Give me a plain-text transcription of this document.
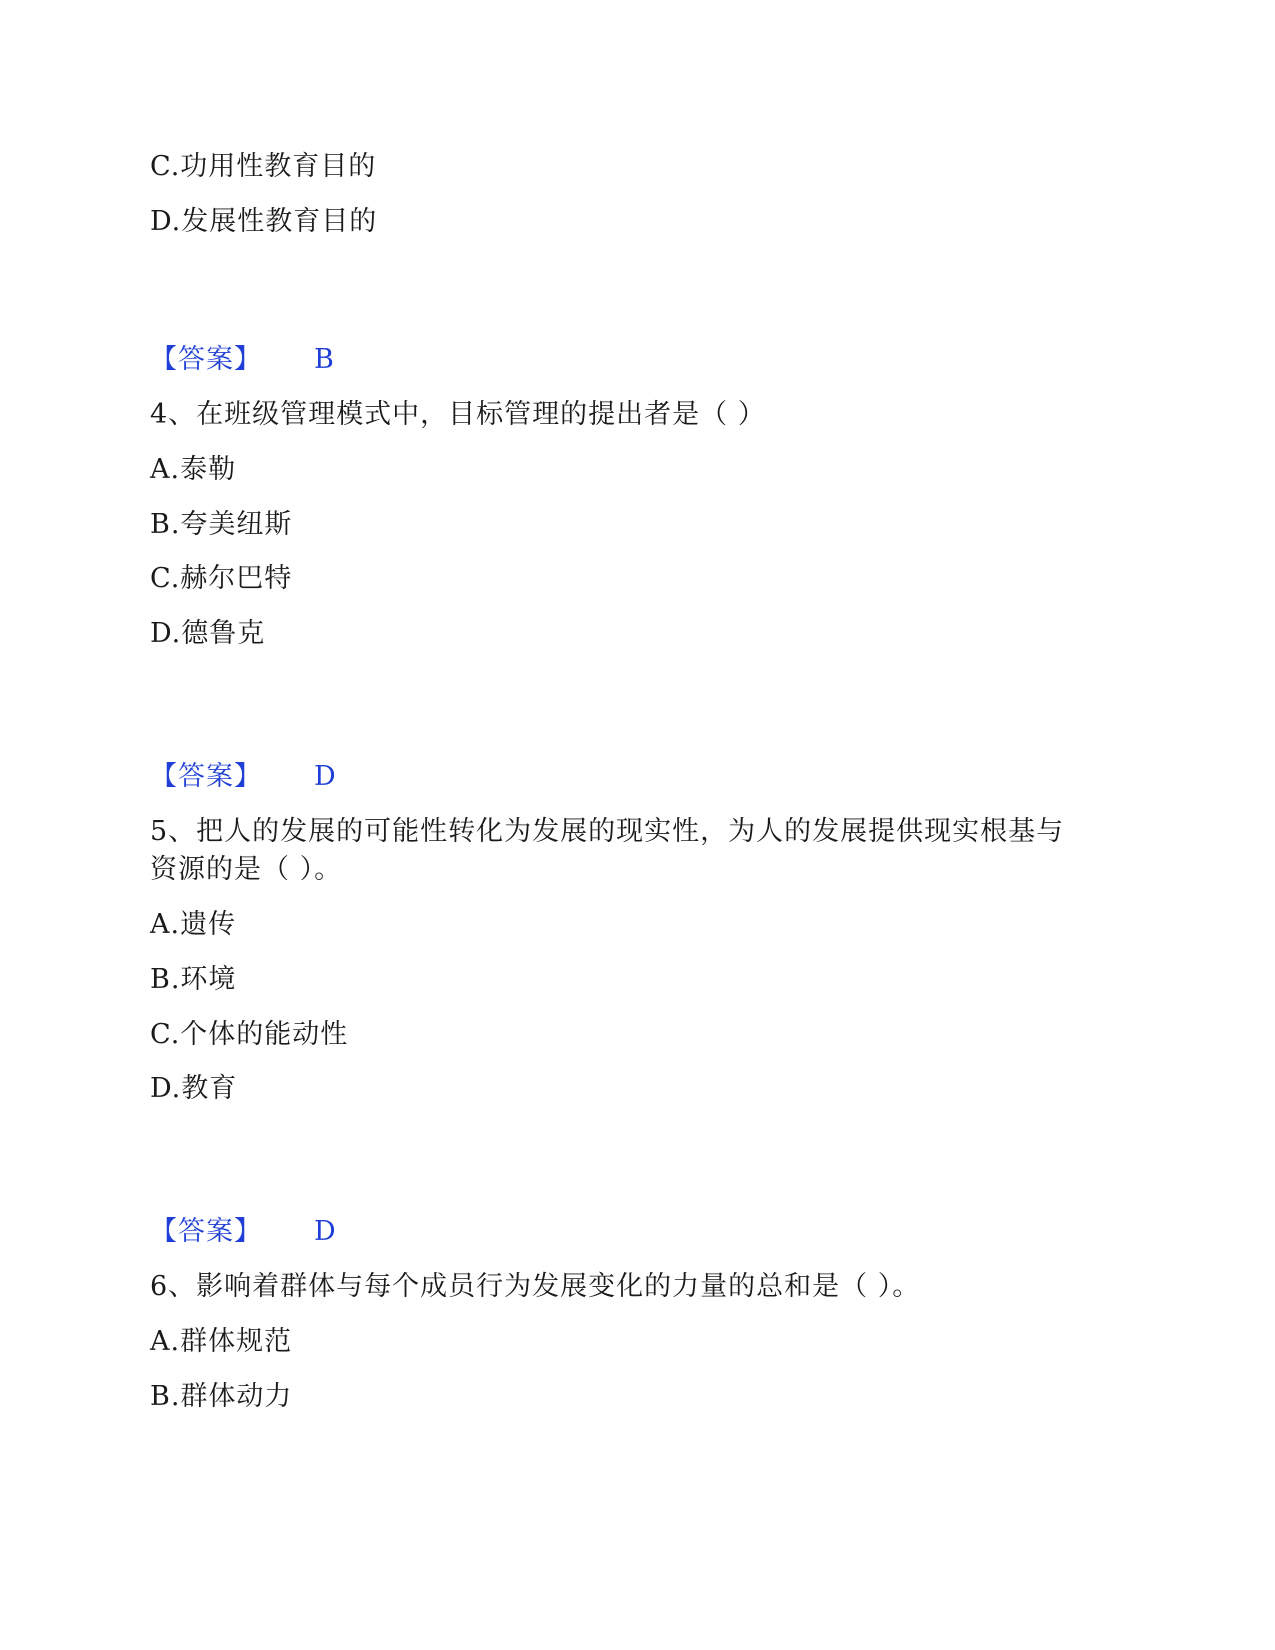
C.功用性教育目的
D.发展性教育目的
【答案】 B
4、在班级管理模式中，目标管理的提出者是（ ）
A.泰勒
B.夸美纽斯
C.赫尔巴特
D.德鲁克
【答案】 D
5、把人的发展的可能性转化为发展的现实性，为人的发展提供现实根基与
资源的是（ ）。
A.遗传
B.环境
C.个体的能动性
D.教育
【答案】 D
6、影响着群体与每个成员行为发展变化的力量的总和是（ ）。
A.群体规范
B.群体动力
